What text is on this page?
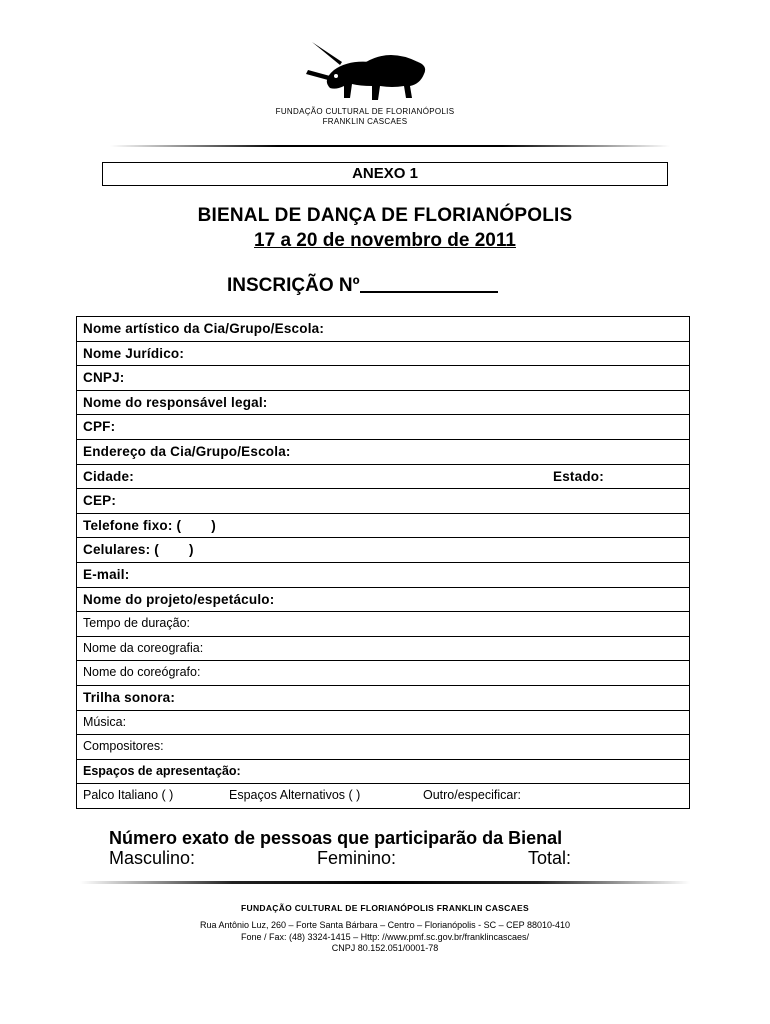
FUNDAÇÃO CULTURAL DE FLORIANÓPOLIS
FRANKLIN CASCAES
ANEXO 1
BIENAL DE DANÇA DE FLORIANÓPOLIS
17 a 20 de novembro de 2011
INSCRIÇÃO Nº
Nome artístico da Cia/Grupo/Escola:
Nome Jurídico:
CNPJ:
Nome do responsável legal:
CPF:
Endereço da Cia/Grupo/Escola:
Cidade:	Estado:
CEP:
Telefone fixo: ( )
Celulares: ( )
E-mail:
Nome do projeto/espetáculo:
Tempo de duração:
Nome da coreografia:
Nome do coreógrafo:
Trilha sonora:
Música:
Compositores:
Espaços de apresentação:
Palco Italiano ( )	Espaços Alternativos ( )	Outro/especificar:
Número exato de pessoas que participarão da Bienal
Masculino:	Feminino:	Total:
FUNDAÇÃO CULTURAL DE FLORIANÓPOLIS FRANKLIN CASCAES
Rua Antônio Luz, 260 – Forte Santa Bárbara – Centro – Florianópolis - SC – CEP 88010-410
Fone / Fax: (48) 3324-1415 – Http: //www.pmf.sc.gov.br/franklincascaes/
CNPJ 80.152.051/0001-78
